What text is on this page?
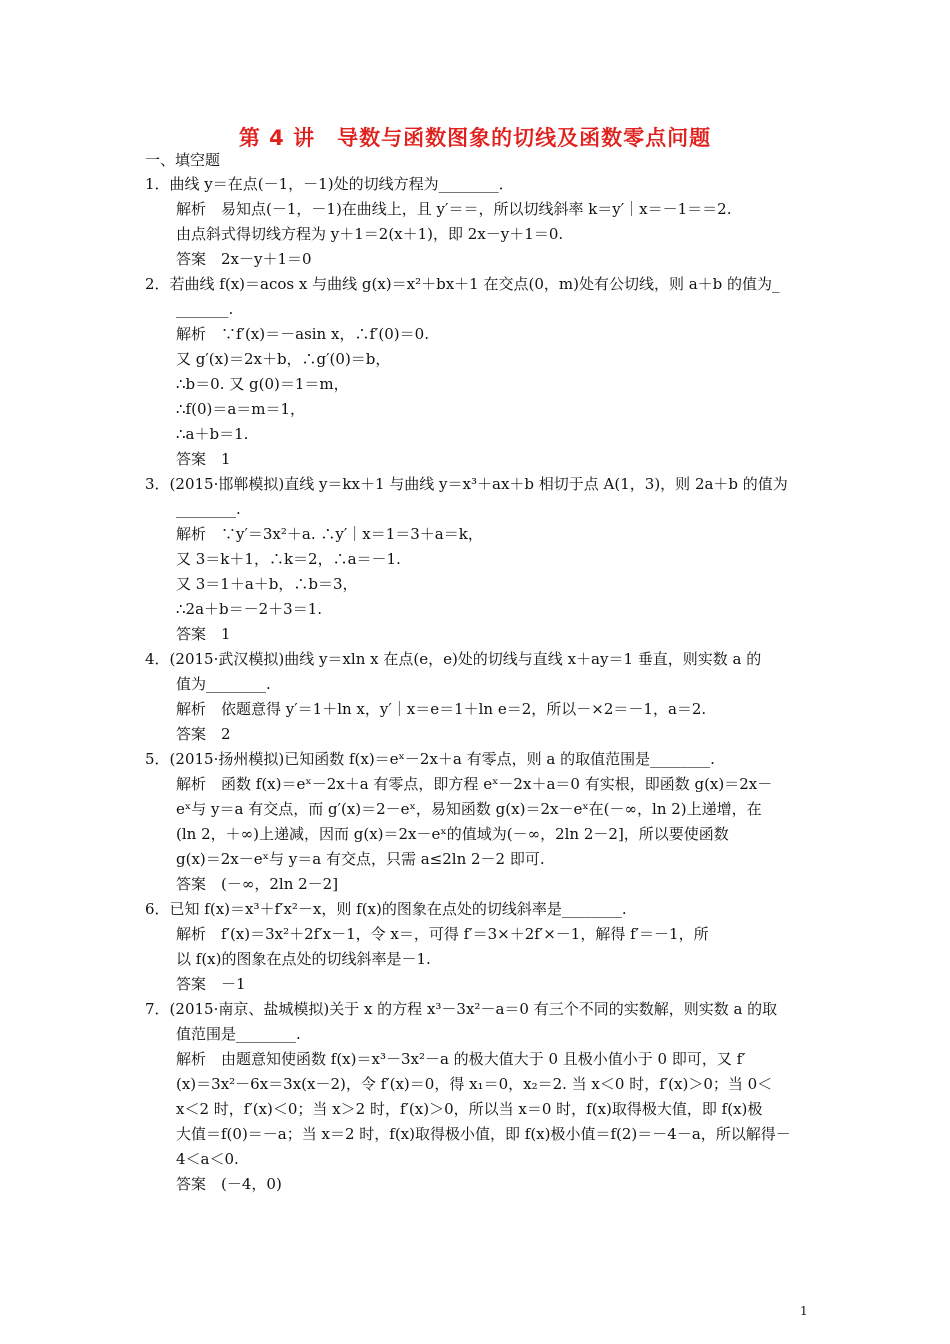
第 4 讲　导数与函数图象的切线及函数零点问题
一、填空题
1．曲线 y＝在点(－1，－1)处的切线方程为________．
解析　易知点(－1，－1)在曲线上，且 y′＝＝，所以切线斜率 k＝y′｜x＝－1＝＝2.
由点斜式得切线方程为 y＋1＝2(x＋1)，即 2x－y＋1＝0.
答案　2x－y＋1＝0
2．若曲线 f(x)＝acos x 与曲线 g(x)＝x²＋bx＋1 在交点(0，m)处有公切线，则 a＋b 的值为_
_______.
解析　∵f′(x)＝－asin x，∴f′(0)＝0.
又 g′(x)＝2x＋b，∴g′(0)＝b，
∴b＝0. 又 g(0)＝1＝m，
∴f(0)＝a＝m＝1，
∴a＋b＝1.
答案　1
3．(2015·邯郸模拟)直线 y＝kx＋1 与曲线 y＝x³＋ax＋b 相切于点 A(1，3)，则 2a＋b 的值为
________.
解析　∵y′＝3x²＋a. ∴y′｜x＝1＝3＋a＝k，
又 3＝k＋1，∴k＝2，∴a＝－1.
又 3＝1＋a＋b，∴b＝3，
∴2a＋b＝－2＋3＝1.
答案　1
4．(2015·武汉模拟)曲线 y＝xln x 在点(e，e)处的切线与直线 x＋ay＝1 垂直，则实数 a 的
值为________.
解析　依题意得 y′＝1＋ln x，y′｜x＝e＝1＋ln e＝2，所以－×2＝－1，a＝2.
答案　2
5．(2015·扬州模拟)已知函数 f(x)＝eˣ－2x＋a 有零点，则 a 的取值范围是________.
解析　函数 f(x)＝eˣ－2x＋a 有零点，即方程 eˣ－2x＋a＝0 有实根，即函数 g(x)＝2x－
eˣ与 y＝a 有交点，而 g′(x)＝2－eˣ，易知函数 g(x)＝2x－eˣ在(－∞，ln 2)上递增，在
(ln 2，＋∞)上递减，因而 g(x)＝2x－eˣ的值域为(－∞，2ln 2－2]，所以要使函数
g(x)＝2x－eˣ与 y＝a 有交点，只需 a≤2ln 2－2 即可.
答案　(－∞，2ln 2－2]
6．已知 f(x)＝x³＋f′x²－x，则 f(x)的图象在点处的切线斜率是________.
解析　f′(x)＝3x²＋2f′x－1，令 x＝，可得 f′＝3×＋2f′×－1，解得 f′＝－1，所
以 f(x)的图象在点处的切线斜率是－1.
答案　－1
7．(2015·南京、盐城模拟)关于 x 的方程 x³－3x²－a＝0 有三个不同的实数解，则实数 a 的取
值范围是________.
解析　由题意知使函数 f(x)＝x³－3x²－a 的极大值大于 0 且极小值小于 0 即可，又 f′
(x)＝3x²－6x＝3x(x－2)，令 f′(x)＝0，得 x₁＝0，x₂＝2. 当 x＜0 时，f′(x)＞0；当 0＜
x＜2 时，f′(x)＜0；当 x＞2 时，f′(x)＞0，所以当 x＝0 时，f(x)取得极大值，即 f(x)极
大值＝f(0)＝－a；当 x＝2 时，f(x)取得极小值，即 f(x)极小值＝f(2)＝－4－a，所以解得－
4＜a＜0.
答案　(－4，0)
1
